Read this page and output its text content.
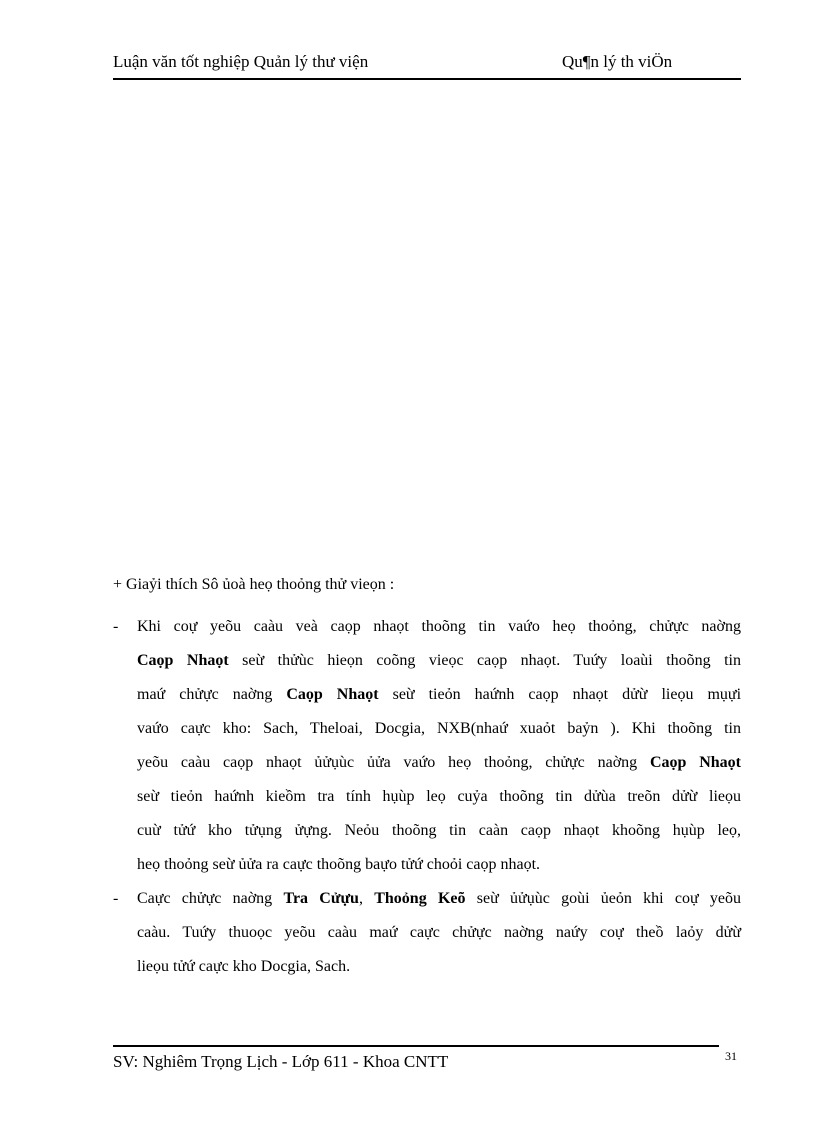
Luận văn tốt nghiệp Quản lý thư viện	Qu¶n lý th viÖn
+ Giaỷi thích Sô ủoà heọ thoỏng thử vieọn :
- Khi coự yeõu caàu veà caọp nhaọt thoõng tin vaứo heọ thoỏng, chửực naờng
Caọp Nhaọt seừ thửùc hieọn coõng vieọc caọp nhaọt. Tuứy loaùi thoõng tin
maứ chửực naờng Caọp Nhaọt seừ tieỏn haứnh caọp nhaọt dửừ lieọu mụựi
vaứo caực kho: Sach, Theloai, Docgia, NXB(nhaứ xuaỏt baỷn ). Khi thoõng tin
yeõu caàu caọp nhaọt ủửụùc ủửa vaứo heọ thoỏng, chửực naờng Caọp Nhaọt
seừ tieỏn haứnh kieồm tra tính hụùp leọ cuỷa thoõng tin dửùa treõn dửừ lieọu
cuừ tửứ kho tửụng ửựng. Neỏu thoõng tin caàn caọp nhaọt khoõng hụùp leọ,
heọ thoỏng seừ ủửa ra caực thoõng baựo tửứ choỏi caọp nhaọt.
- Caực chửực naờng Tra Cửựu, Thoỏng Keõ seừ ủửụùc goùi ủeỏn khi coự yeõu
caàu. Tuứy thuoọc yeõu caàu maứ caực chửực naờng naứy coự theồ laỏy dửừ
lieọu tửứ caực kho Docgia, Sach.
SV: Nghiêm Trọng Lịch - Lớp 611 - Khoa CNTT	31
